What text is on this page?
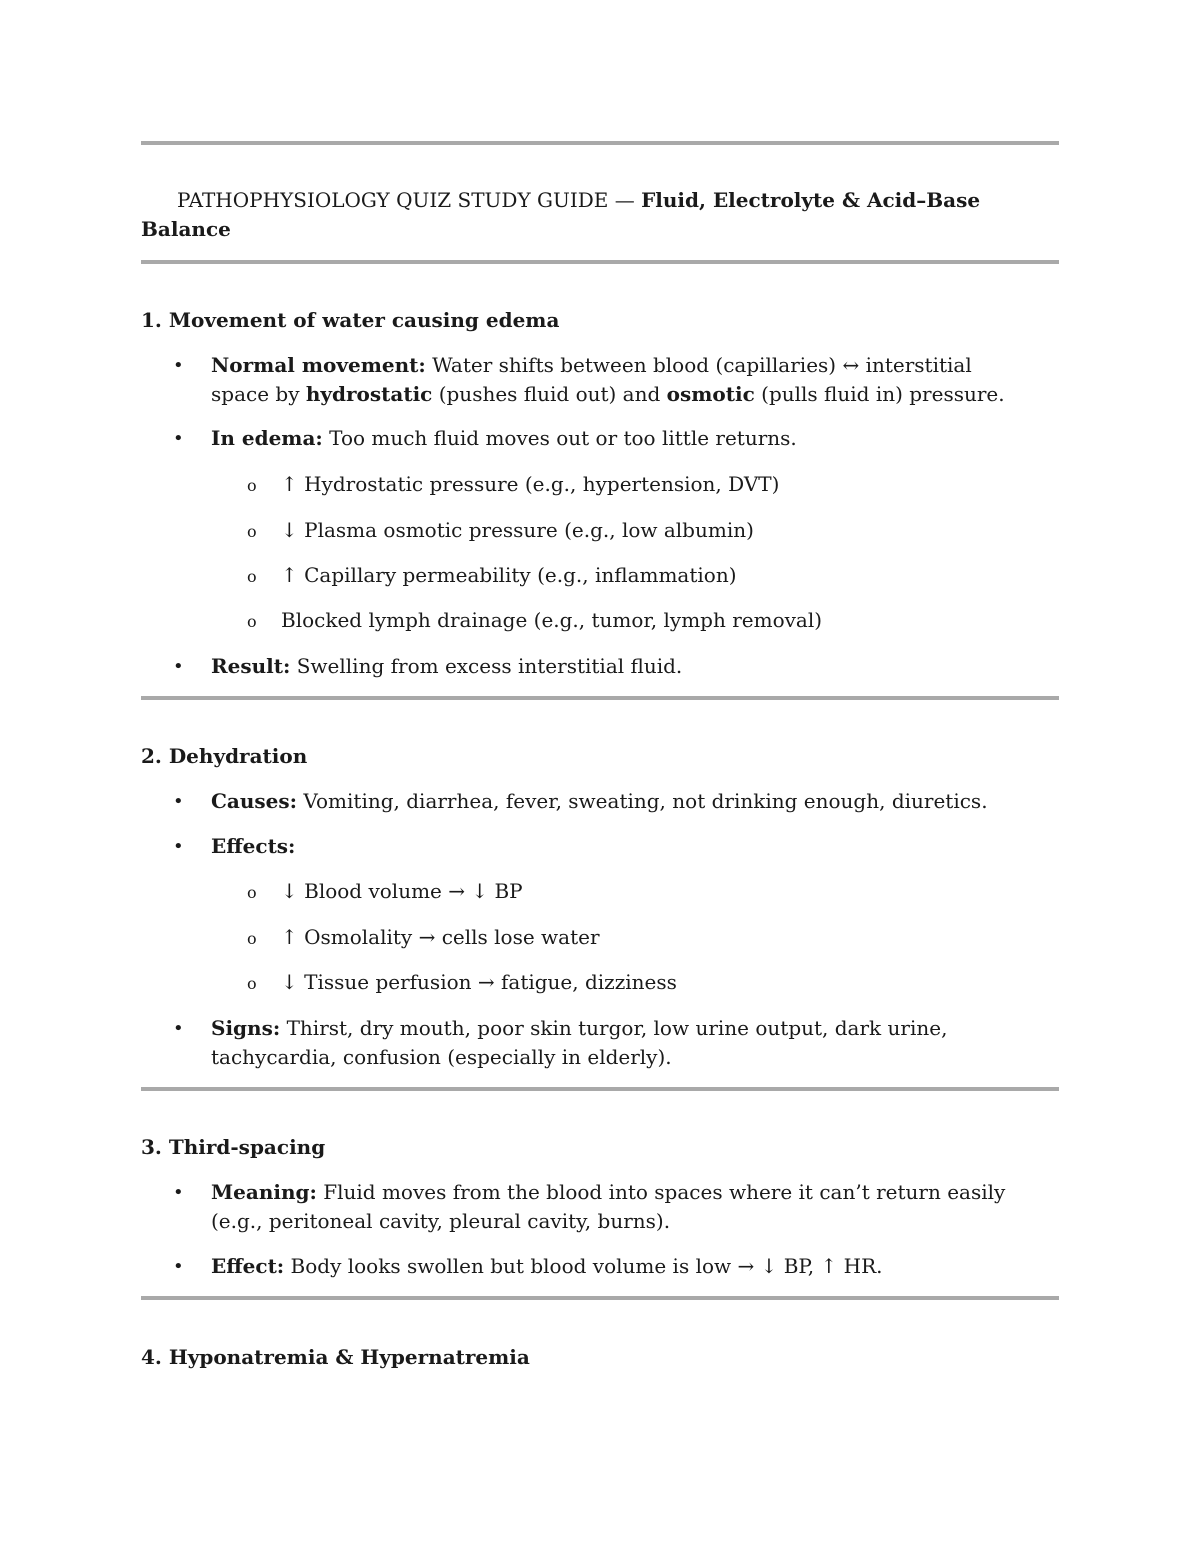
PATHOPHYSIOLOGY QUIZ STUDY GUIDE — Fluid, Electrolyte & Acid–Base Balance
1. Movement of water causing edema
• Normal movement: Water shifts between blood (capillaries) ↔ interstitial space by hydrostatic (pushes fluid out) and osmotic (pulls fluid in) pressure.
• In edema: Too much fluid moves out or too little returns.
o ↑ Hydrostatic pressure (e.g., hypertension, DVT)
o ↓ Plasma osmotic pressure (e.g., low albumin)
o ↑ Capillary permeability (e.g., inflammation)
o Blocked lymph drainage (e.g., tumor, lymph removal)
• Result: Swelling from excess interstitial fluid.
2. Dehydration
• Causes: Vomiting, diarrhea, fever, sweating, not drinking enough, diuretics.
• Effects:
o ↓ Blood volume → ↓ BP
o ↑ Osmolality → cells lose water
o ↓ Tissue perfusion → fatigue, dizziness
• Signs: Thirst, dry mouth, poor skin turgor, low urine output, dark urine, tachycardia, confusion (especially in elderly).
3. Third-spacing
• Meaning: Fluid moves from the blood into spaces where it can’t return easily (e.g., peritoneal cavity, pleural cavity, burns).
• Effect: Body looks swollen but blood volume is low → ↓ BP, ↑ HR.
4. Hyponatremia & Hypernatremia
